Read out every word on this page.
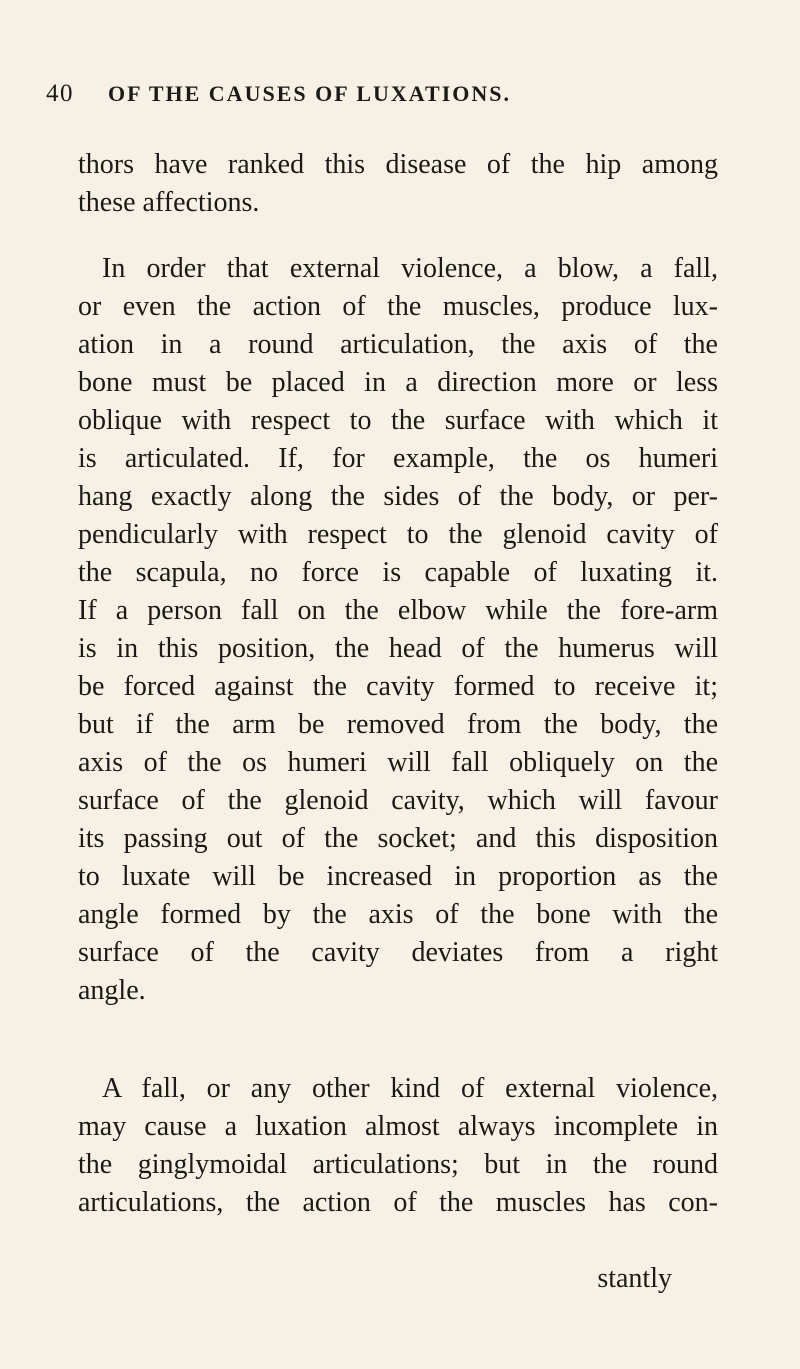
40 OF THE CAUSES OF LUXATIONS.
thors have ranked this disease of the hip among
these affections.
In order that external violence, a blow, a fall,
or even the action of the muscles, produce lux-
ation in a round articulation, the axis of the
bone must be placed in a direction more or less
oblique with respect to the surface with which it
is articulated. If, for example, the os humeri
hang exactly along the sides of the body, or per-
pendicularly with respect to the glenoid cavity of
the scapula, no force is capable of luxating it.
If a person fall on the elbow while the fore-arm
is in this position, the head of the humerus will
be forced against the cavity formed to receive it;
but if the arm be removed from the body, the
axis of the os humeri will fall obliquely on the
surface of the glenoid cavity, which will favour
its passing out of the socket; and this disposition
to luxate will be increased in proportion as the
angle formed by the axis of the bone with the
surface of the cavity deviates from a right
angle.
A fall, or any other kind of external violence,
may cause a luxation almost always incomplete in
the ginglymoidal articulations; but in the round
articulations, the action of the muscles has con-
stantly
